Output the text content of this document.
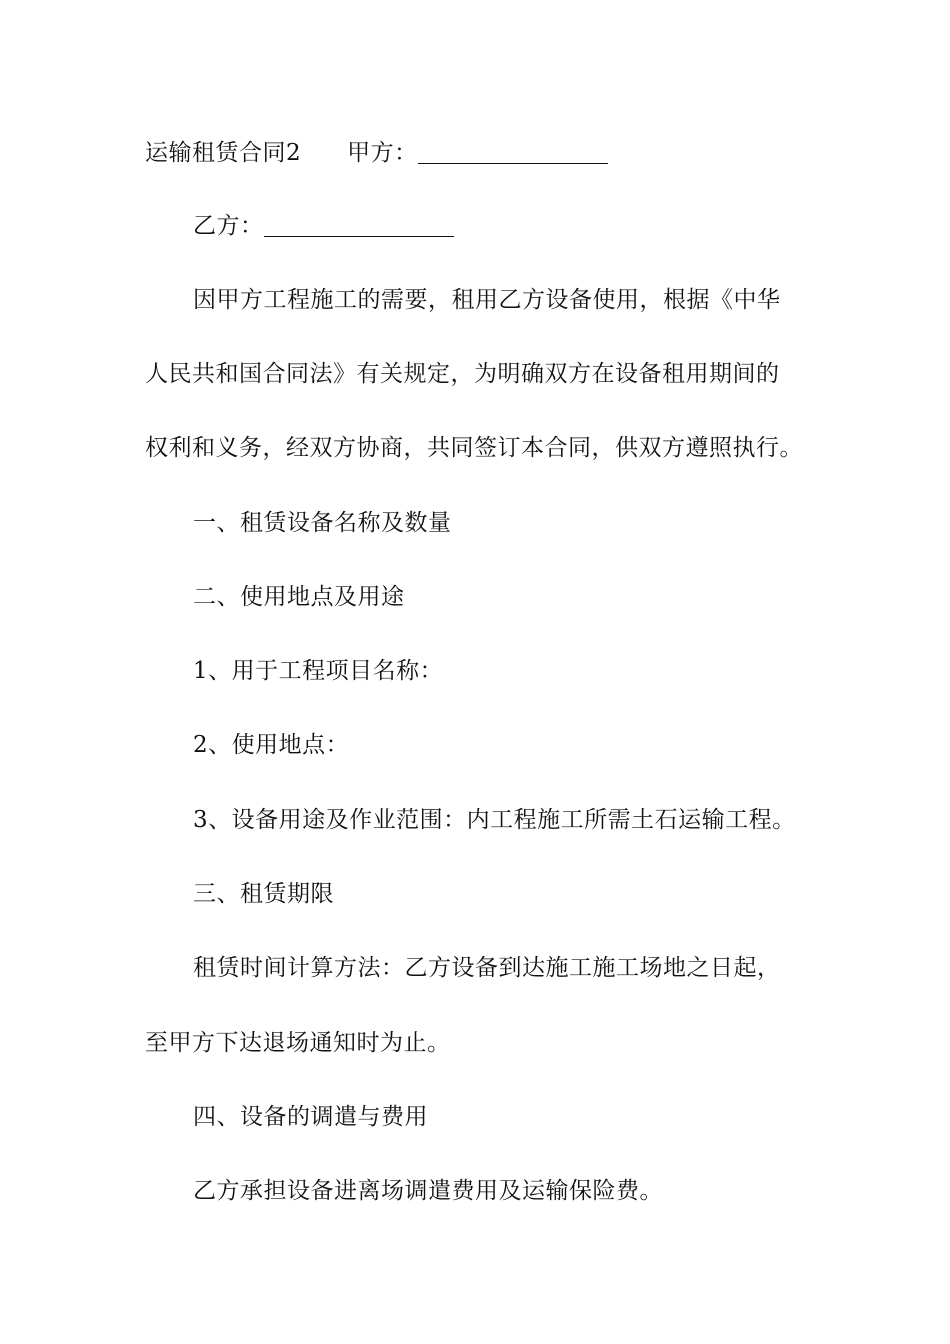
运输租赁合同2 甲方：
乙方：
因甲方工程施工的需要，租用乙方设备使用，根据《中华
人民共和国合同法》有关规定，为明确双方在设备租用期间的
权利和义务，经双方协商，共同签订本合同，供双方遵照执行。
一、租赁设备名称及数量
二、使用地点及用途
1、用于工程项目名称：
2、使用地点：
3、设备用途及作业范围：内工程施工所需土石运输工程。
三、租赁期限
租赁时间计算方法：乙方设备到达施工施工场地之日起，
至甲方下达退场通知时为止。
四、设备的调遣与费用
乙方承担设备进离场调遣费用及运输保险费。
